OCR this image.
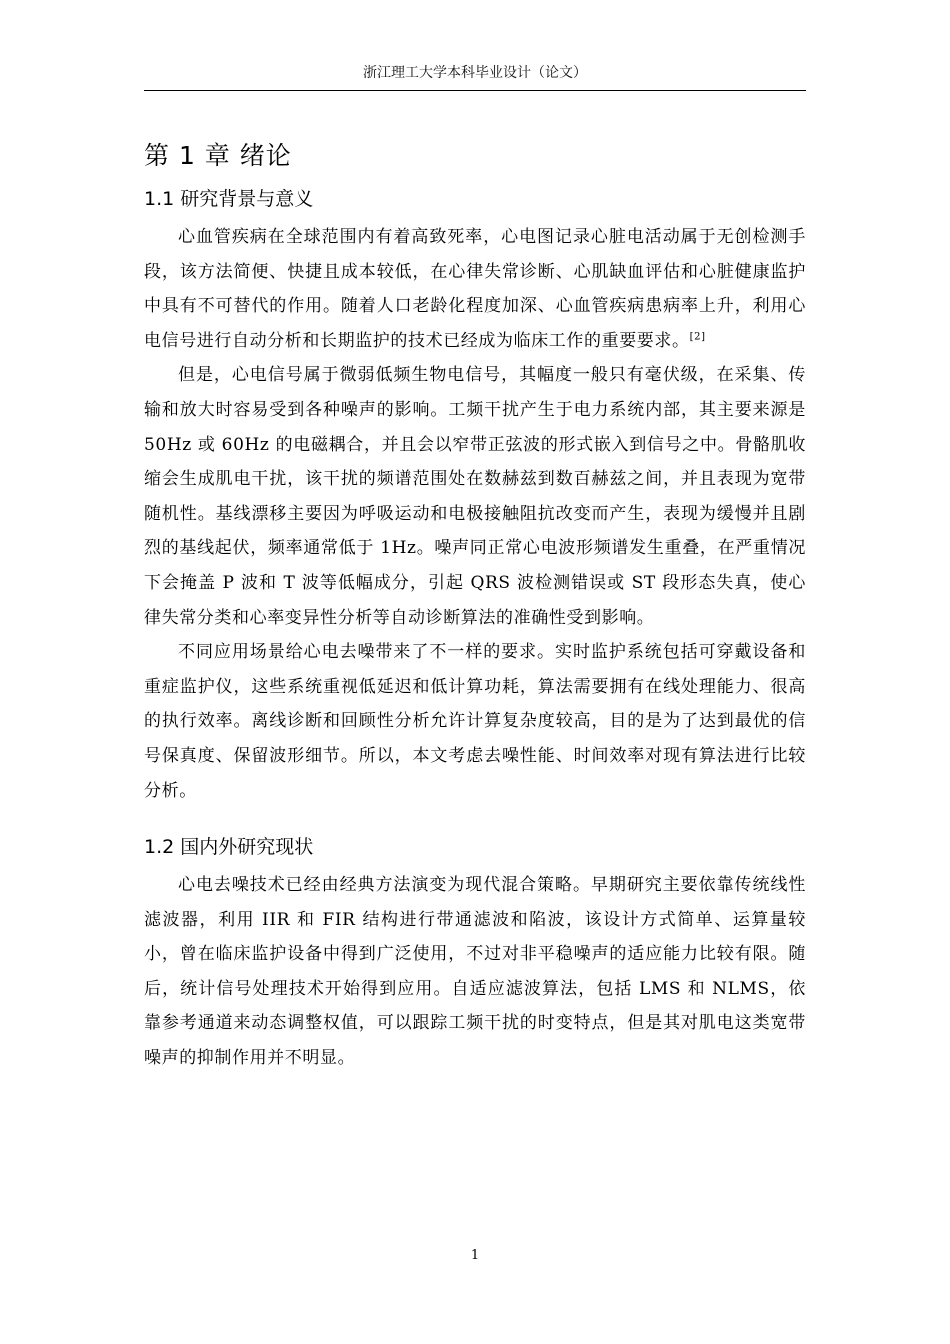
浙江理工大学本科毕业设计（论文）
第 1 章 绪论
1.1 研究背景与意义

心血管疾病在全球范围内有着高致死率，心电图记录心脏电活动属于无创检测手段，该方法简便、快捷且成本较低，在心律失常诊断、心肌缺血评估和心脏健康监护中具有不可替代的作用。随着人口老龄化程度加深、心血管疾病患病率上升，利用心电信号进行自动分析和长期监护的技术已经成为临床工作的重要要求。[2]

但是，心电信号属于微弱低频生物电信号，其幅度一般只有毫伏级，在采集、传输和放大时容易受到各种噪声的影响。工频干扰产生于电力系统内部，其主要来源是 50Hz 或 60Hz 的电磁耦合，并且会以窄带正弦波的形式嵌入到信号之中。骨骼肌收缩会生成肌电干扰，该干扰的频谱范围处在数赫兹到数百赫兹之间，并且表现为宽带随机性。基线漂移主要因为呼吸运动和电极接触阻抗改变而产生，表现为缓慢并且剧烈的基线起伏，频率通常低于 1Hz。噪声同正常心电波形频谱发生重叠，在严重情况下会掩盖 P 波和 T 波等低幅成分，引起 QRS 波检测错误或 ST 段形态失真，使心律失常分类和心率变异性分析等自动诊断算法的准确性受到影响。

不同应用场景给心电去噪带来了不一样的要求。实时监护系统包括可穿戴设备和重症监护仪，这些系统重视低延迟和低计算功耗，算法需要拥有在线处理能力、很高的执行效率。离线诊断和回顾性分析允许计算复杂度较高，目的是为了达到最优的信号保真度、保留波形细节。所以，本文考虑去噪性能、时间效率对现有算法进行比较分析。

1.2 国内外研究现状

心电去噪技术已经由经典方法演变为现代混合策略。早期研究主要依靠传统线性滤波器，利用 IIR 和 FIR 结构进行带通滤波和陷波，该设计方式简单、运算量较小，曾在临床监护设备中得到广泛使用，不过对非平稳噪声的适应能力比较有限。随后，统计信号处理技术开始得到应用。自适应滤波算法，包括 LMS 和 NLMS，依靠参考通道来动态调整权值，可以跟踪工频干扰的时变特点，但是其对肌电这类宽带噪声的抑制作用并不明显。

1
